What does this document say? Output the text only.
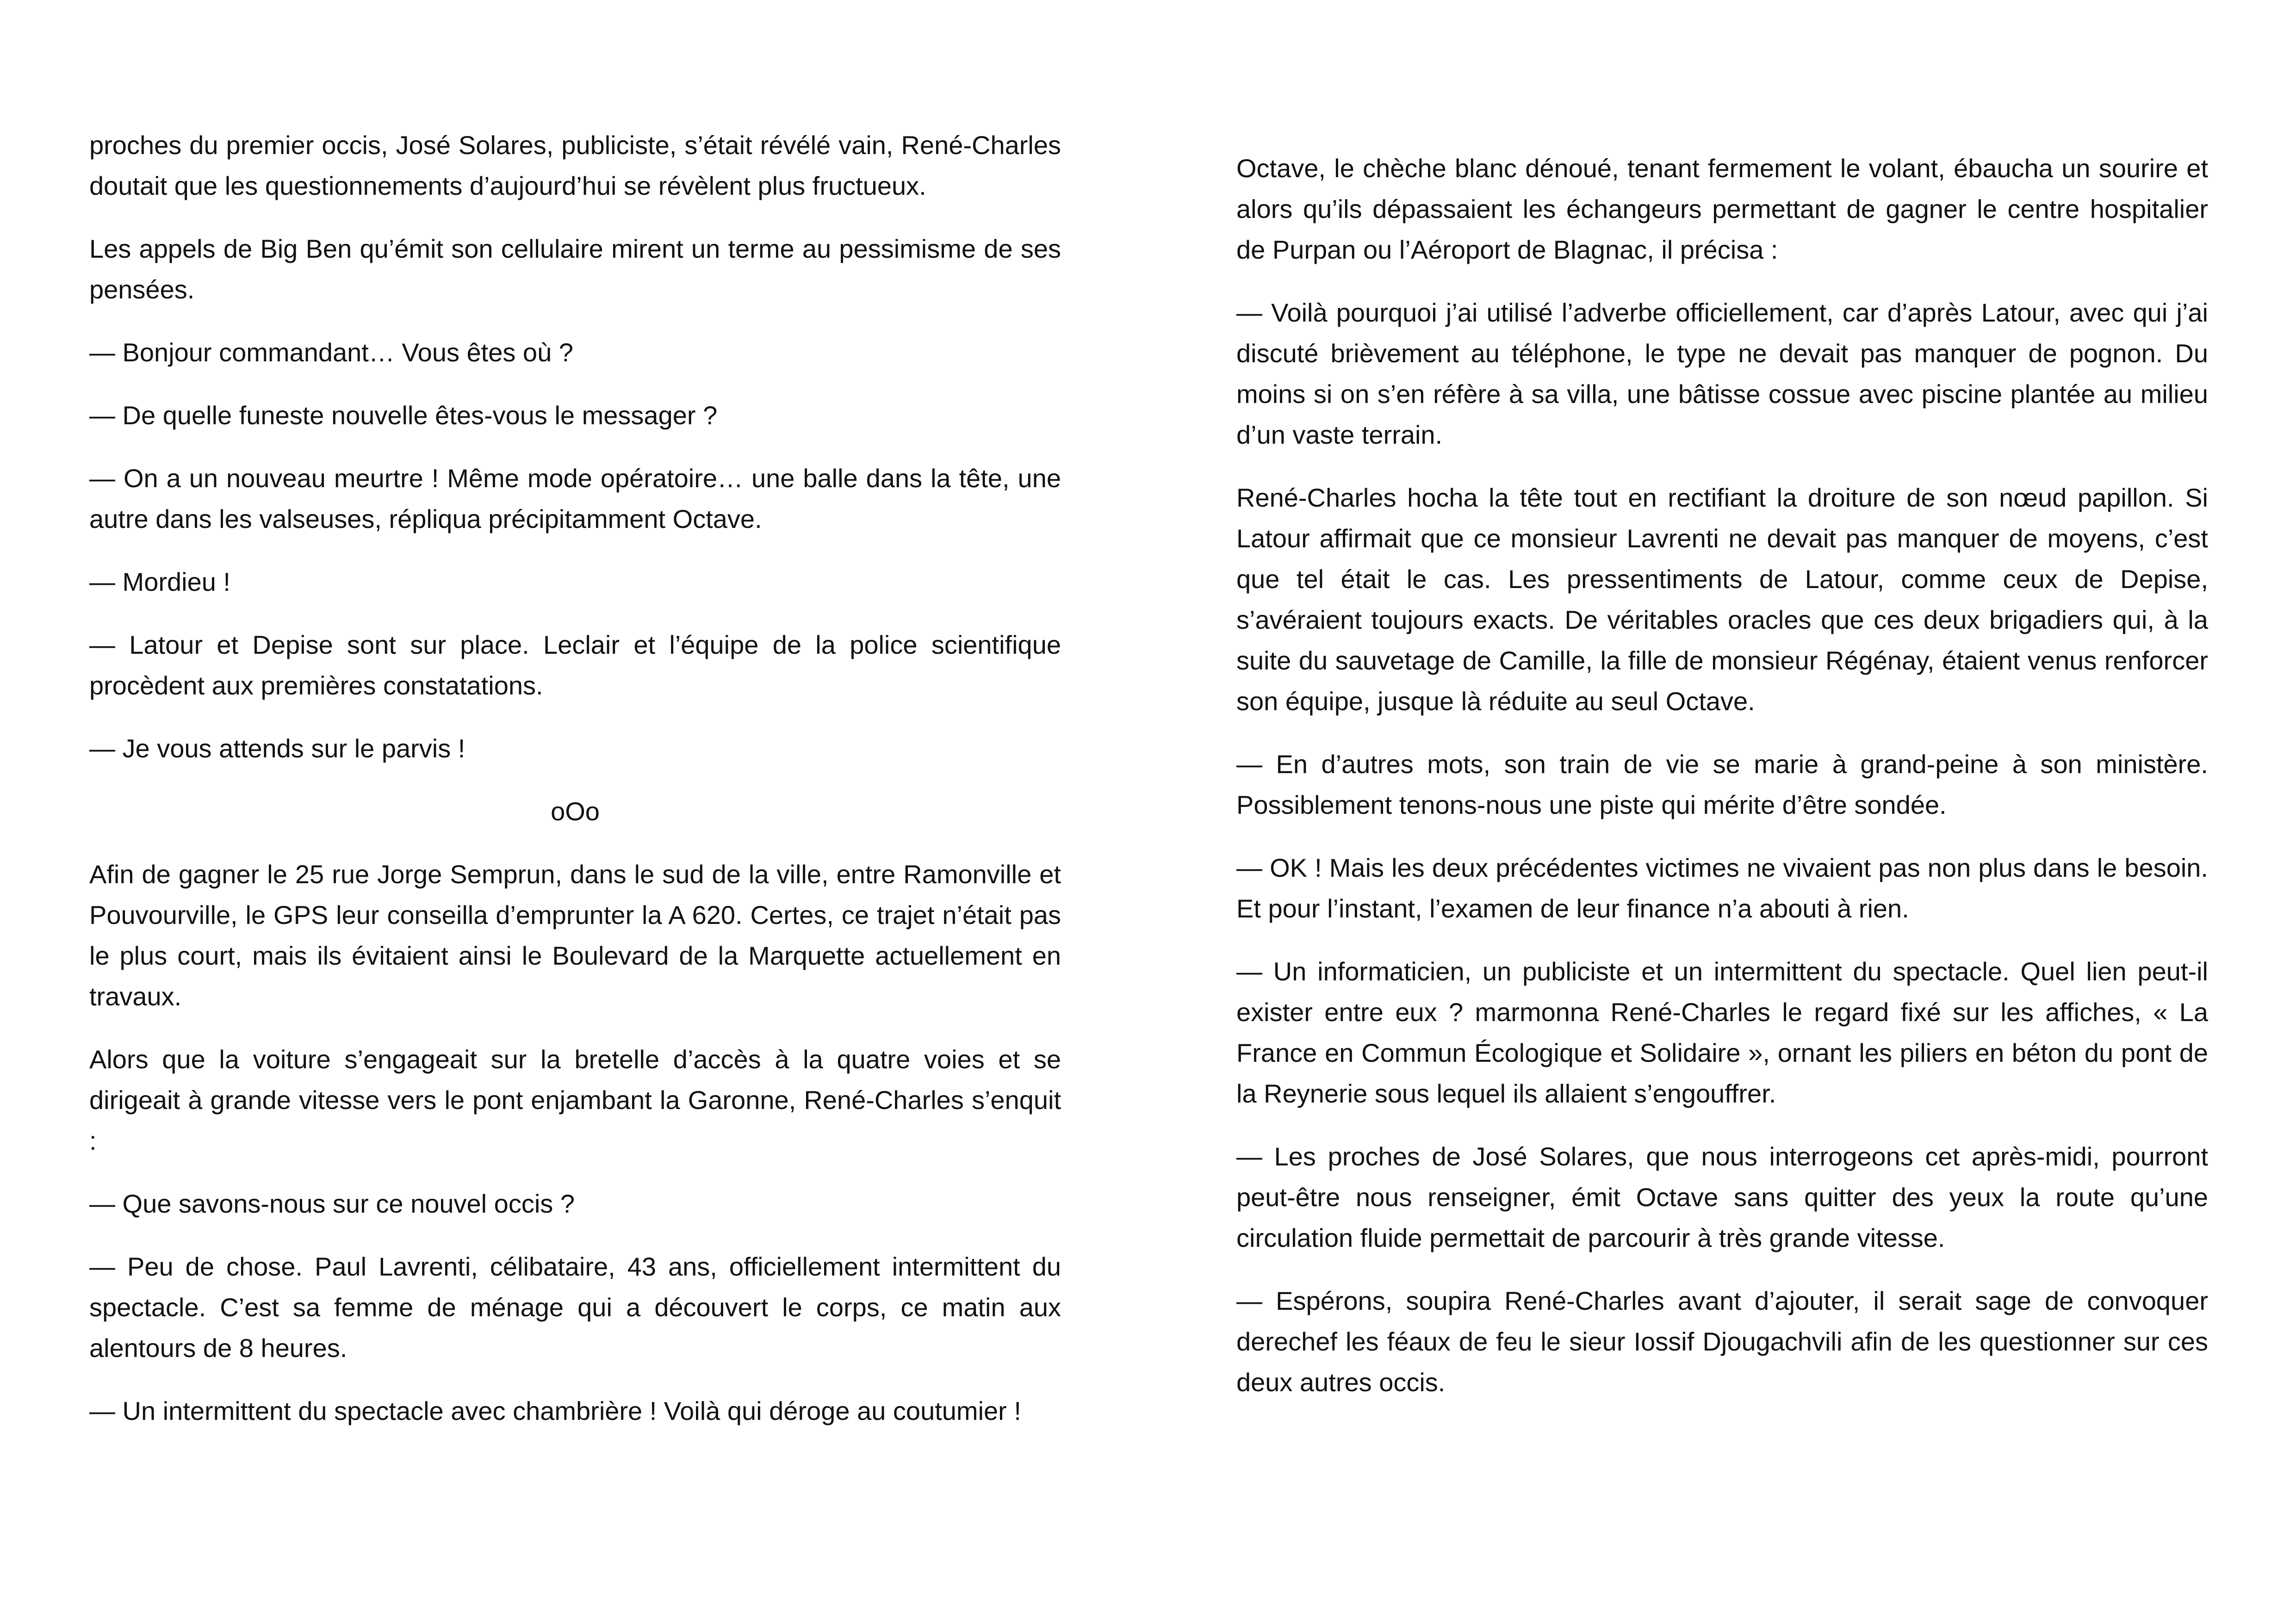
proches du premier occis, José Solares, publiciste, s’était révélé vain, René-Charles doutait que les questionnements d’aujourd’hui se révèlent plus fructueux.

Les appels de Big Ben qu’émit son cellulaire mirent un terme au pessimisme de ses pensées.

— Bonjour commandant… Vous êtes où ?

— De quelle funeste nouvelle êtes-vous le messager ?

— On a un nouveau meurtre ! Même mode opératoire… une balle dans la tête, une autre dans les valseuses, répliqua précipitamment Octave.

— Mordieu !

— Latour et Depise sont sur place. Leclair et l’équipe de la police scientifique procèdent aux premières constatations.

— Je vous attends sur le parvis !

oOo

Afin de gagner le 25 rue Jorge Semprun, dans le sud de la ville, entre Ramonville et Pouvourville, le GPS leur conseilla d’emprunter la A 620. Certes, ce trajet n’était pas le plus court, mais ils évitaient ainsi le Boulevard de la Marquette actuellement en travaux.

Alors que la voiture s’engageait sur la bretelle d’accès à la quatre voies et se dirigeait à grande vitesse vers le pont enjambant la Garonne, René-Charles s’enquit :

— Que savons-nous sur ce nouvel occis ?

— Peu de chose. Paul Lavrenti, célibataire, 43 ans, officiellement intermittent du spectacle. C’est sa femme de ménage qui a découvert le corps, ce matin aux alentours de 8 heures.

— Un intermittent du spectacle avec chambrière ! Voilà qui déroge au coutumier !

Octave, le chèche blanc dénoué, tenant fermement le volant, ébaucha un sourire et alors qu’ils dépassaient les échangeurs permettant de gagner le centre hospitalier de Purpan ou l’Aéroport de Blagnac, il précisa :

— Voilà pourquoi j’ai utilisé l’adverbe officiellement, car d’après Latour, avec qui j’ai discuté brièvement au téléphone, le type ne devait pas manquer de pognon. Du moins si on s’en réfère à sa villa, une bâtisse cossue avec piscine plantée au milieu d’un vaste terrain.

René-Charles hocha la tête tout en rectifiant la droiture de son nœud papillon. Si Latour affirmait que ce monsieur Lavrenti ne devait pas manquer de moyens, c’est que tel était le cas. Les pressentiments de Latour, comme ceux de Depise, s’avéraient toujours exacts. De véritables oracles que ces deux brigadiers qui, à la suite du sauvetage de Camille, la fille de monsieur Régénay, étaient venus renforcer son équipe, jusque là réduite au seul Octave.

— En d’autres mots, son train de vie se marie à grand-peine à son ministère. Possiblement tenons-nous une piste qui mérite d’être sondée.

— OK ! Mais les deux précédentes victimes ne vivaient pas non plus dans le besoin. Et pour l’instant, l’examen de leur finance n’a abouti à rien.

— Un informaticien, un publiciste et un intermittent du spectacle. Quel lien peut-il exister entre eux ? marmonna René-Charles le regard fixé sur les affiches, « La France en Commun Écologique et Solidaire », ornant les piliers en béton du pont de la Reynerie sous lequel ils allaient s’engouffrer.

— Les proches de José Solares, que nous interrogeons cet après-midi, pourront peut-être nous renseigner, émit Octave sans quitter des yeux la route qu’une circulation fluide permettait de parcourir à très grande vitesse.

— Espérons, soupira René-Charles avant d’ajouter, il serait sage de convoquer derechef les féaux de feu le sieur Iossif Djougachvili afin de les questionner sur ces deux autres occis.
